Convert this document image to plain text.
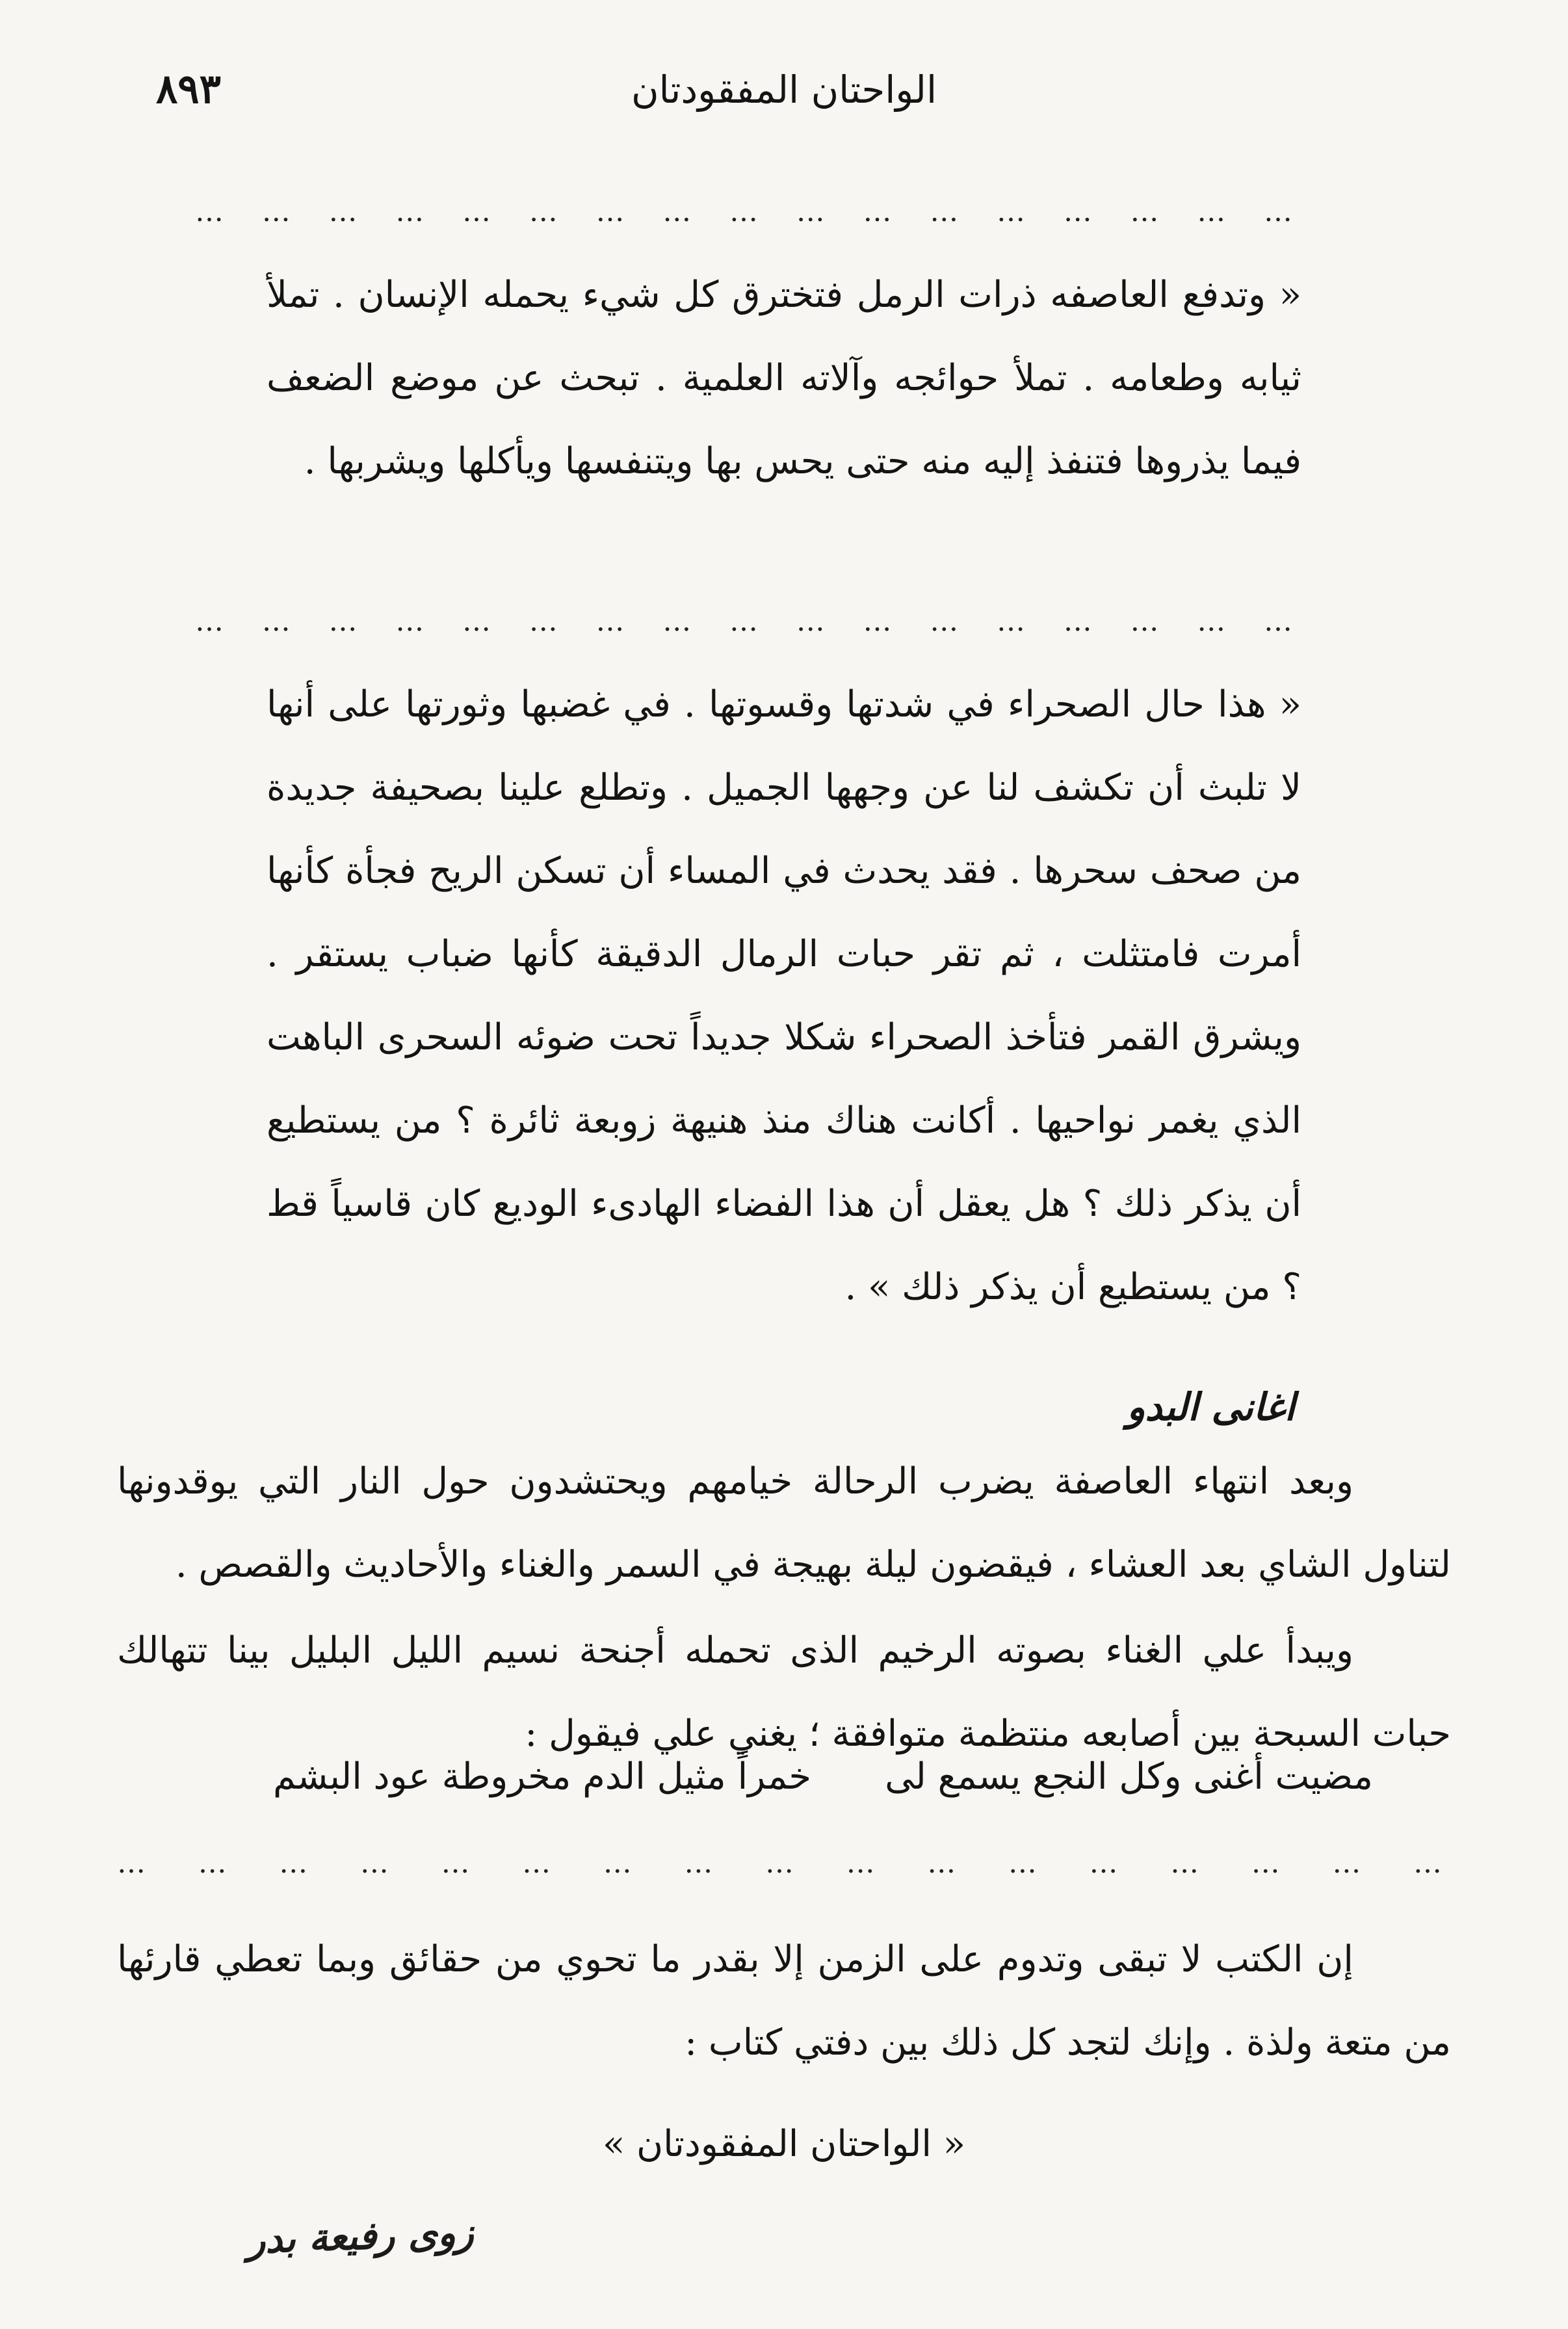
٨٩٣	الواحتان المفقودتان
… … … … … … … … … … … … … … … … …
« وتدفع العاصفه ذرات الرمل فتخترق كل شيء يحمله الإنسان . تملأ ثيابه وطعامه . تملأ حوائجه وآلاته العلمية . تبحث عن موضع الضعف فيما يذروها فتنفذ إليه منه حتى يحس بها ويتنفسها ويأكلها ويشربها .
… … … … … … … … … … … … … … … … …
« هذا حال الصحراء في شدتها وقسوتها . في غضبها وثورتها على أنها لا تلبث أن تكشف لنا عن وجهها الجميل . وتطلع علينا بصحيفة جديدة من صحف سحرها . فقد يحدث في المساء أن تسكن الريح فجأة كأنها أمرت فامتثلت ، ثم تقر حبات الرمال الدقيقة كأنها ضباب يستقر . ويشرق القمر فتأخذ الصحراء شكلا جديداً تحت ضوئه السحرى الباهت الذي يغمر نواحيها . أكانت هناك منذ هنيهة زوبعة ثائرة ؟ من يستطيع أن يذكر ذلك ؟ هل يعقل أن هذا الفضاء الهادىء الوديع كان قاسياً قط ؟ من يستطيع أن يذكر ذلك » .
اغانى البدو
وبعد انتهاء العاصفة يضرب الرحالة خيامهم ويحتشدون حول النار التي يوقدونها لتناول الشاي بعد العشاء ، فيقضون ليلة بهيجة في السمر والغناء والأحاديث والقصص .
ويبدأ علي الغناء بصوته الرخيم الذى تحمله أجنحة نسيم الليل البليل بينا تتهالك حبات السبحة بين أصابعه منتظمة متوافقة ؛ يغني علي فيقول :
مضيت أغنى وكل النجع يسمع لى
خمراً مثيل الدم مخروطة عود البشم
… … … … … … … … … … … … … … … … …
إن الكتب لا تبقى وتدوم على الزمن إلا بقدر ما تحوي من حقائق وبما تعطي قارئها من متعة ولذة . وإنك لتجد كل ذلك بين دفتي كتاب :
« الواحتان المفقودتان »
زوى رفيعة بدر
